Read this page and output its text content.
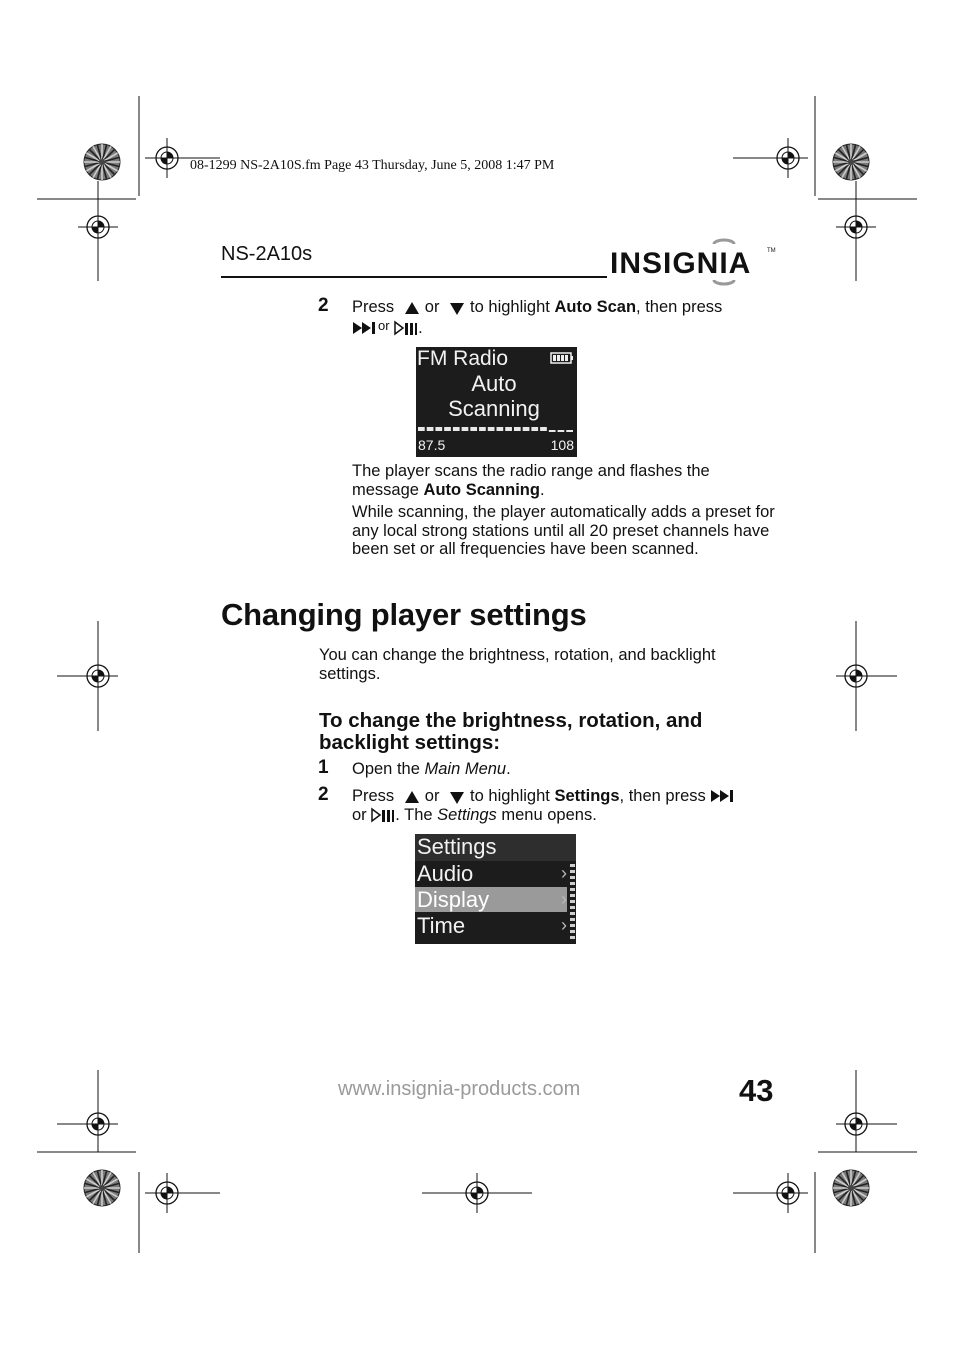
08-1299 NS-2A10S.fm Page 43 Thursday, June 5, 2008 1:47 PM
NS-2A10s	INSIGNIA	TM
2 Press or to highlight Auto Scan, then press
or .
FM Radio
Auto
Scanning
87.5	108
The player scans the radio range and flashes the message Auto Scanning.
While scanning, the player automatically adds a preset for any local strong stations until all 20 preset channels have been set or all frequencies have been scanned.
Changing player settings
You can change the brightness, rotation, and backlight settings.
To change the brightness, rotation, and backlight settings:
1 Open the Main Menu.
2 Press or to highlight Settings, then press
or . The Settings menu opens.
Settings
Audio	›
Display	›
Time	›
www.insignia-products.com	43
